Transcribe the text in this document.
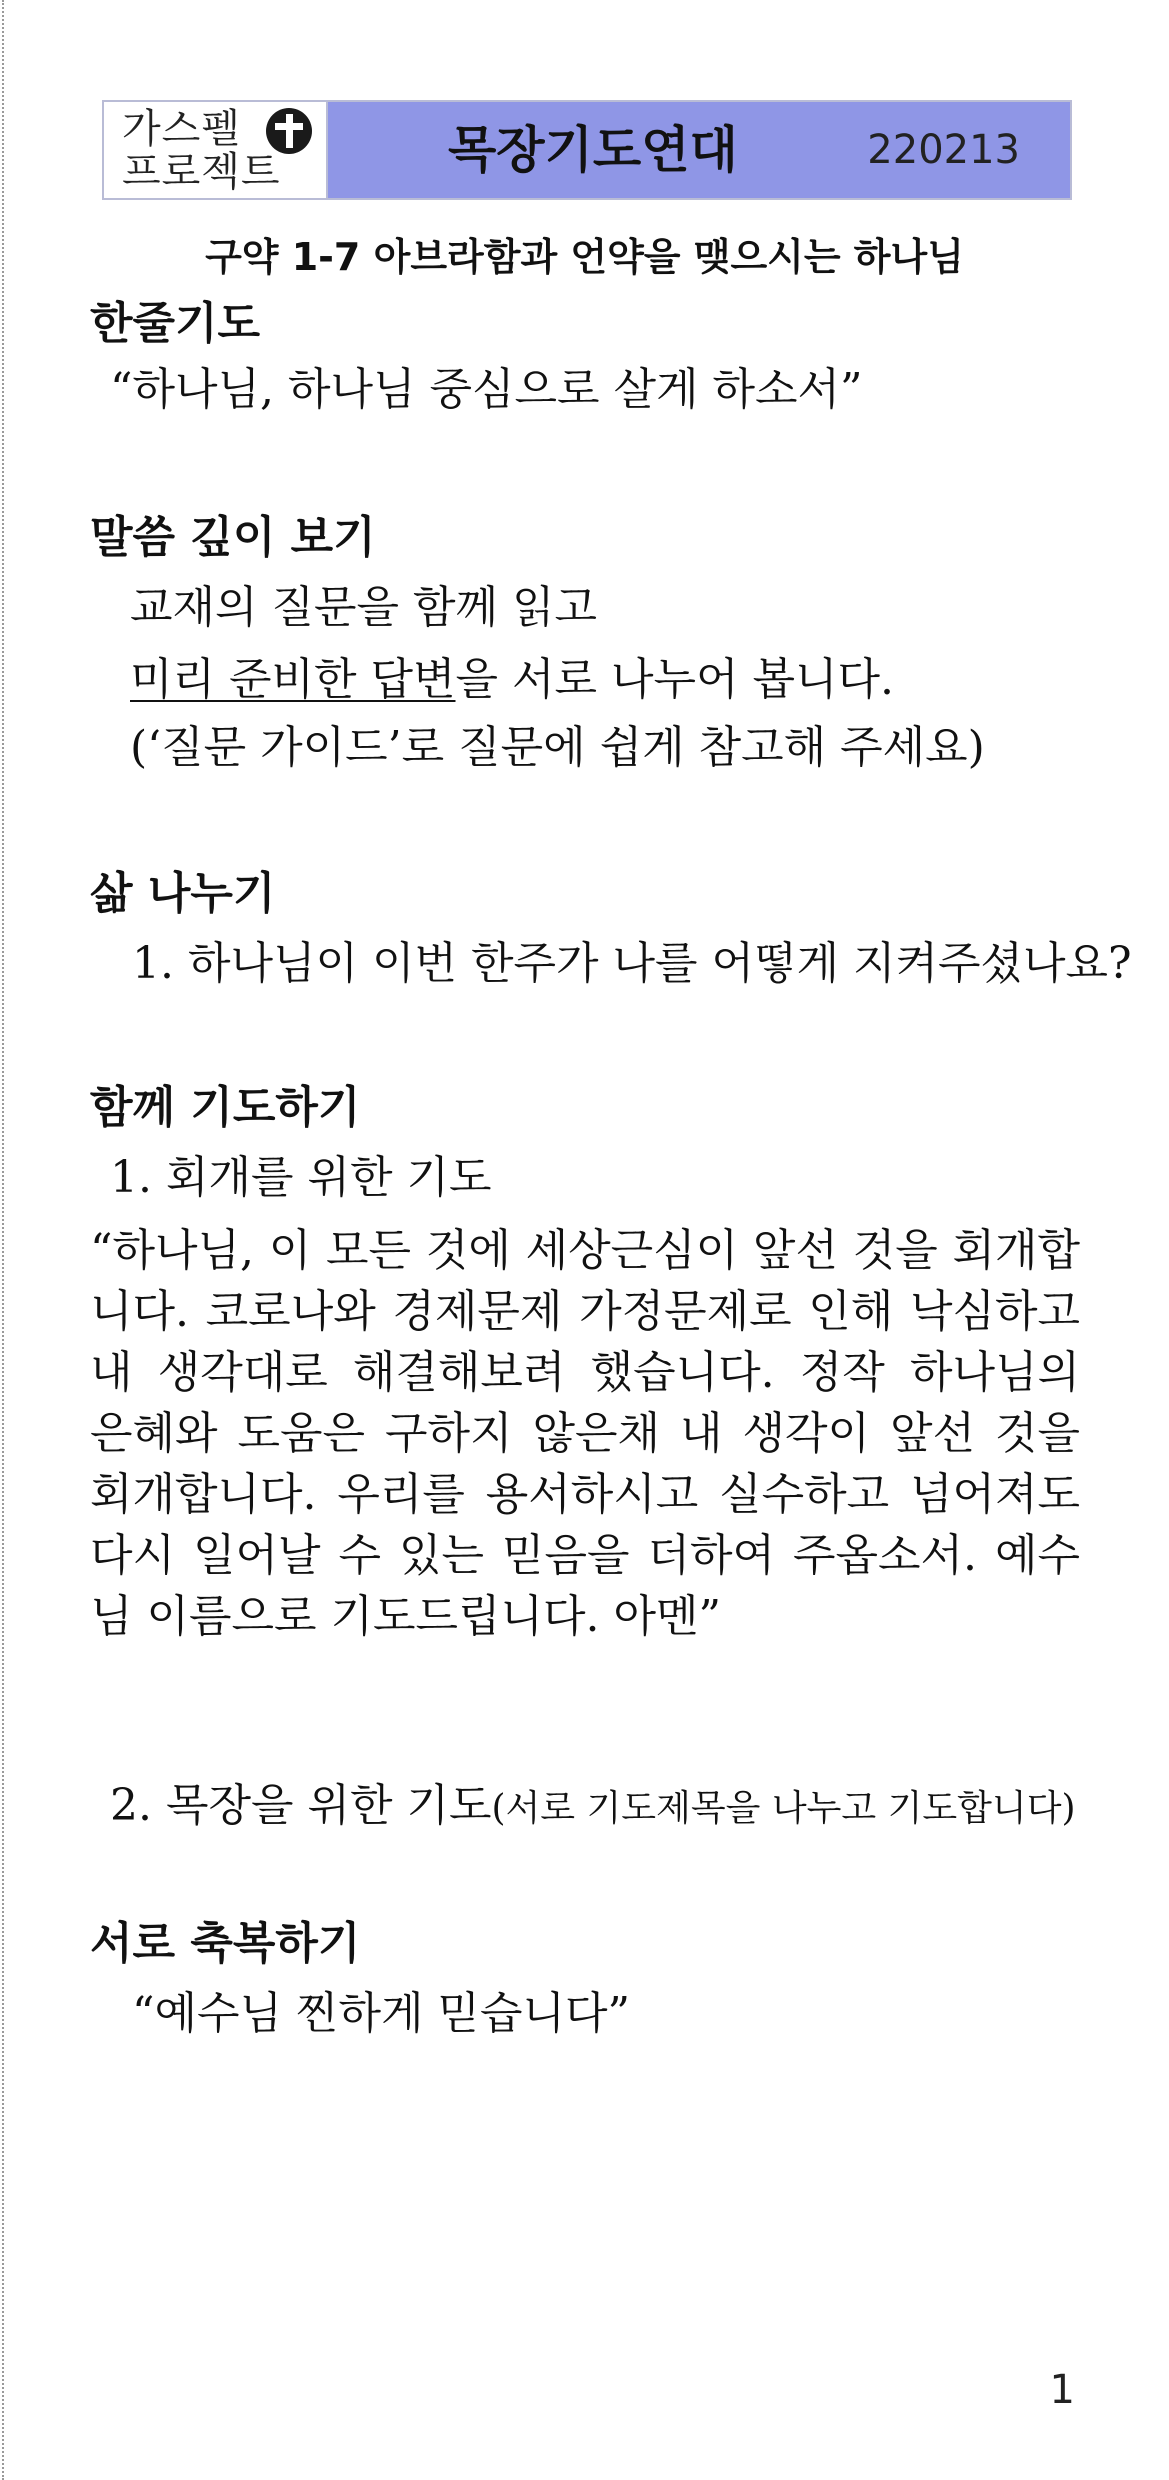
가스펠
프로젝트	목장기도연대	220213
구약 1-7 아브라함과 언약을 맺으시는 하나님
한줄기도
“하나님, 하나님 중심으로 살게 하소서”
말씀 깊이 보기
교재의 질문을 함께 읽고
미리 준비한 답변을 서로 나누어 봅니다.
(‘질문 가이드’로 질문에 쉽게 참고해 주세요)
삶 나누기
1. 하나님이 이번 한주가 나를 어떻게 지켜주셨나요?
함께 기도하기
1. 회개를 위한 기도
“하나님, 이 모든 것에 세상근심이 앞선 것을 회개합니다. 코로나와 경제문제 가정문제로 인해 낙심하고 내 생각대로 해결해보려 했습니다. 정작 하나님의 은혜와 도움은 구하지 않은채 내 생각이 앞선 것을 회개합니다. 우리를 용서하시고 실수하고 넘어져도 다시 일어날 수 있는 믿음을 더하여 주옵소서. 예수님 이름으로 기도드립니다. 아멘”
2. 목장을 위한 기도(서로 기도제목을 나누고 기도합니다)
서로 축복하기
“예수님 찐하게 믿습니다”
1
